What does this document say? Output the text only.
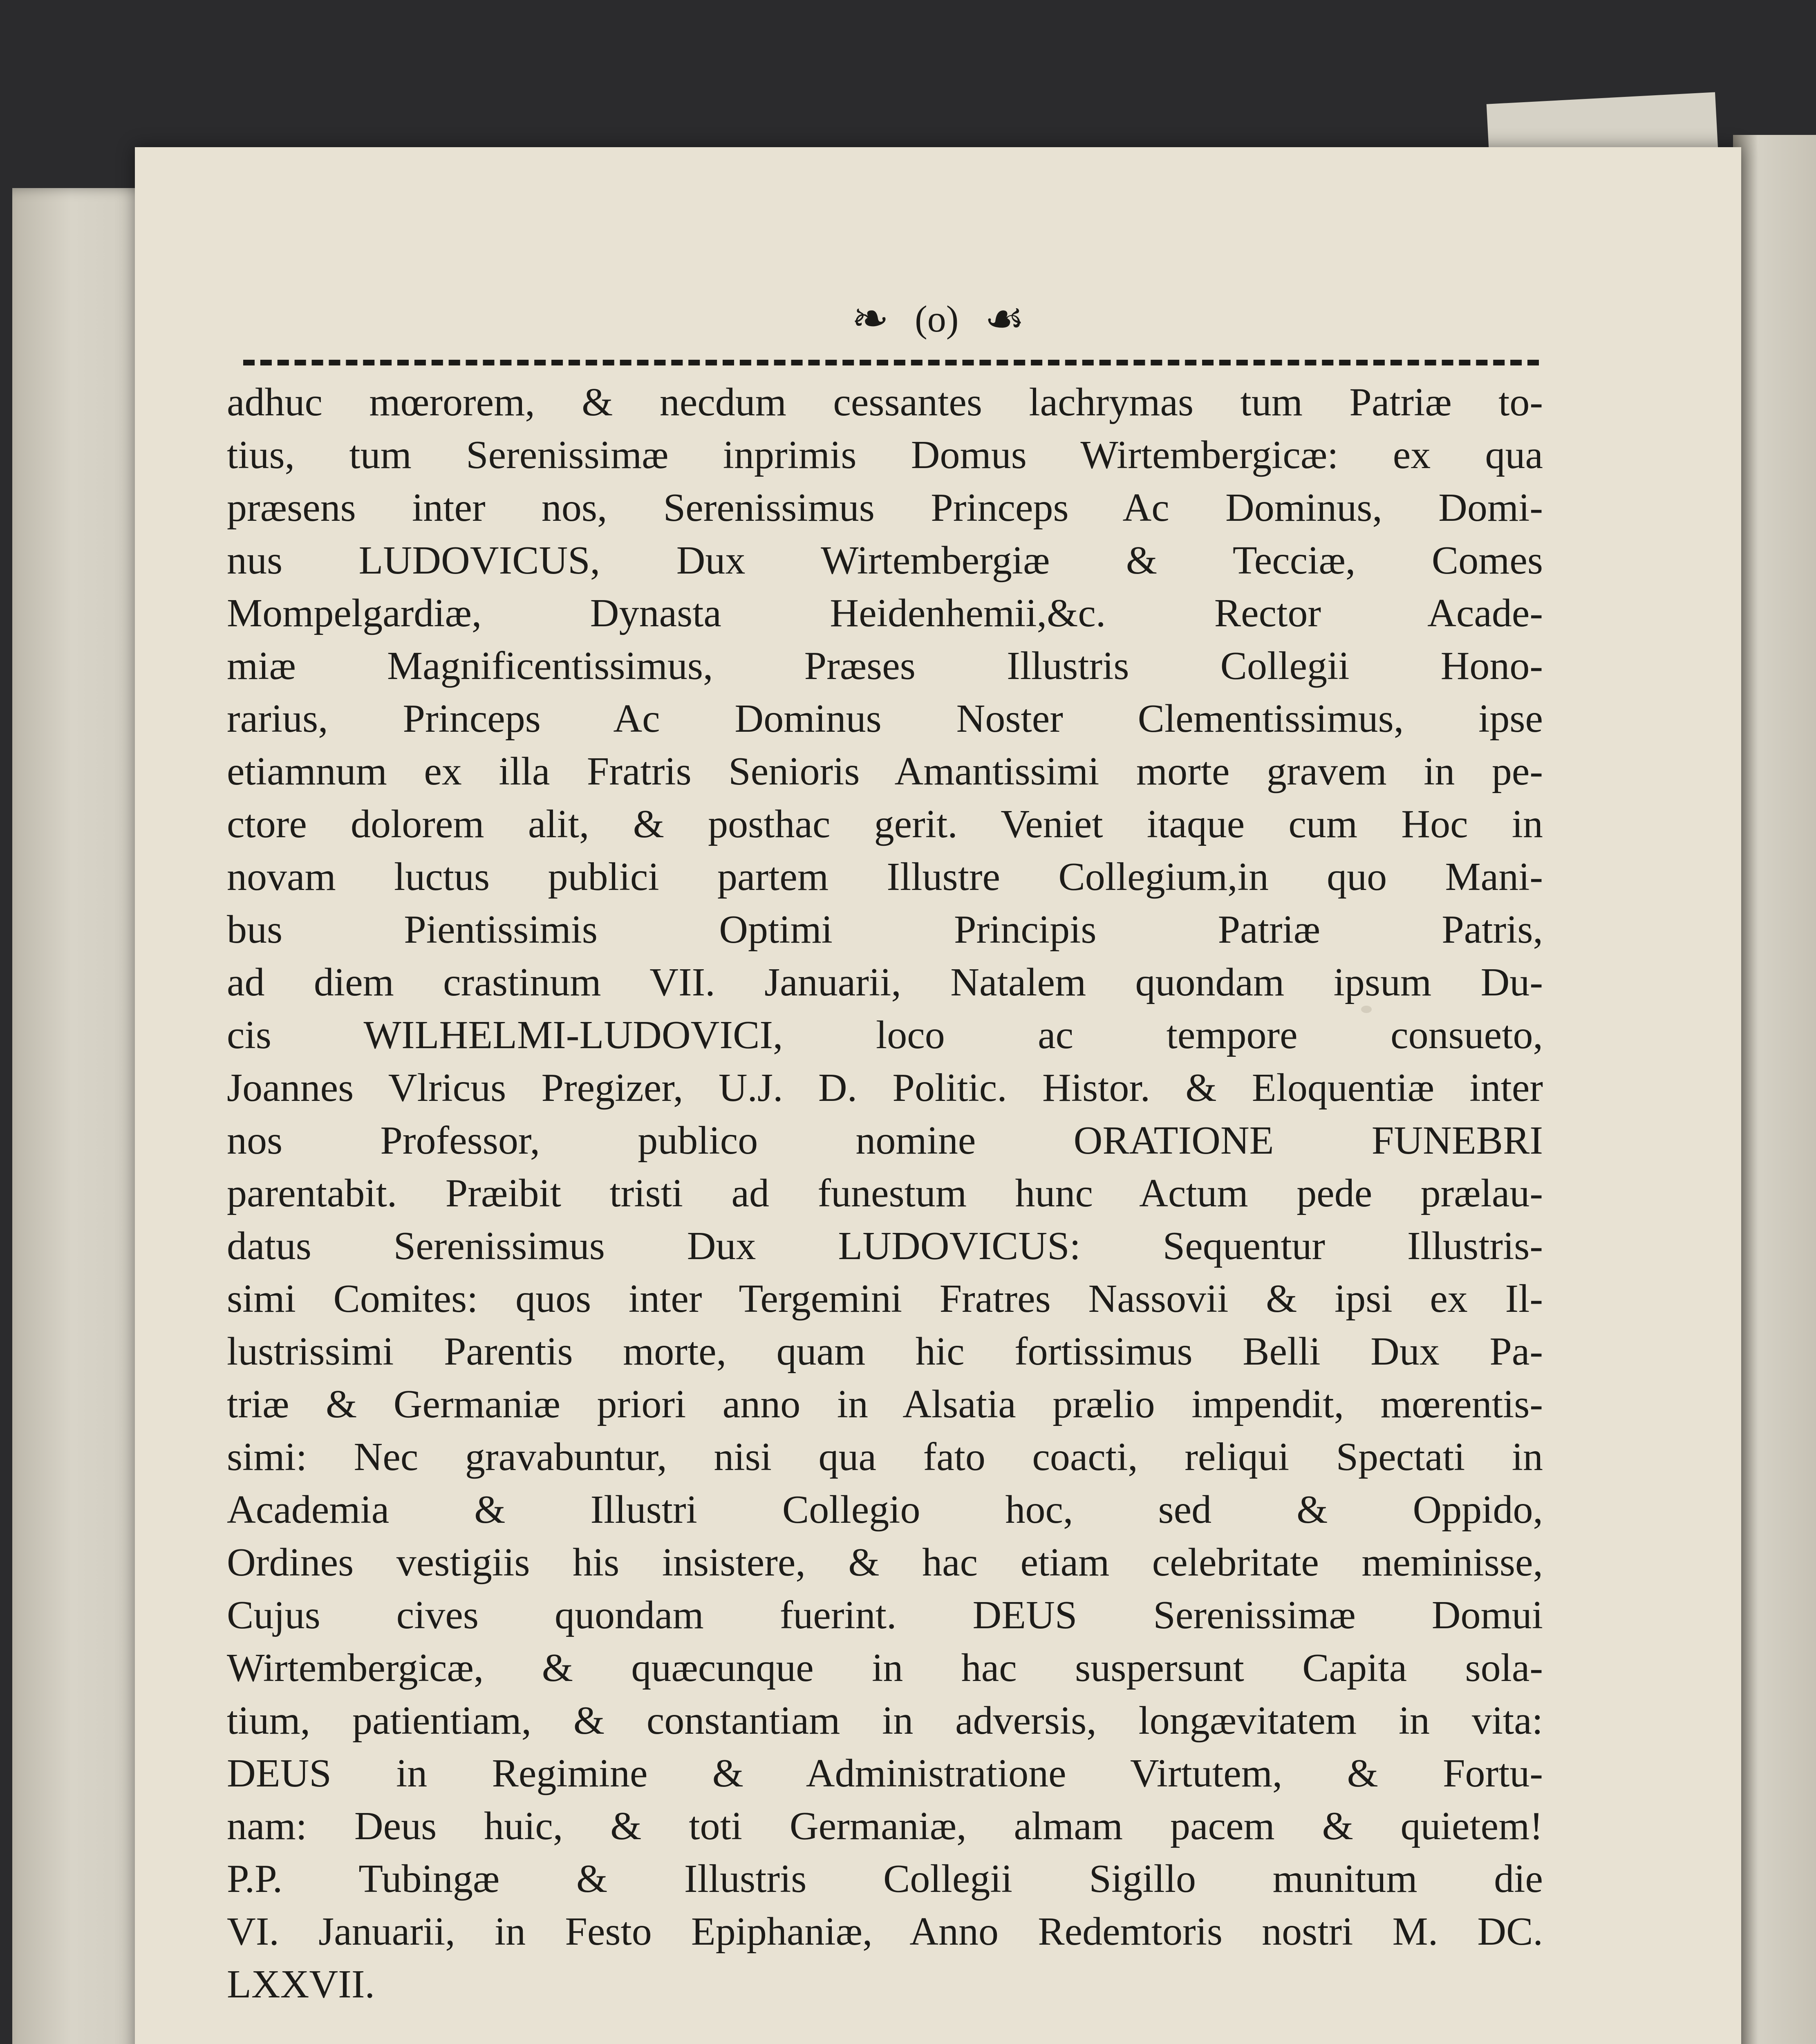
❧ (o) ☙
adhuc mœrorem, & necdum cessantes lachrymas tum Patriæ to-
tius, tum Serenissimæ inprimis Domus Wirtembergicæ: ex qua
præsens inter nos, Serenissimus Princeps Ac Dominus, Domi-
nus LUDOVICUS, Dux Wirtembergiæ & Tecciæ, Comes
Mompelgardiæ, Dynasta Heidenhemii,&c. Rector Acade-
miæ Magnificentissimus, Præses Illustris Collegii Hono-
rarius, Princeps Ac Dominus Noster Clementissimus, ipse
etiamnum ex illa Fratris Senioris Amantissimi morte gravem in pe-
ctore dolorem alit, & posthac gerit. Veniet itaque cum Hoc in
novam luctus publici partem Illustre Collegium,in quo Mani-
bus Pientissimis Optimi Principis Patriæ Patris,
ad diem crastinum VII. Januarii, Natalem quondam ipsum Du-
cis WILHELMI-LUDOVICI, loco ac tempore consueto,
Joannes Vlricus Pregizer, U.J. D. Politic. Histor. & Eloquentiæ inter
nos Professor, publico nomine ORATIONE FUNEBRI
parentabit. Præibit tristi ad funestum hunc Actum pede prælau-
datus Serenissimus Dux LUDOVICUS: Sequentur Illustris-
simi Comites: quos inter Tergemini Fratres Nassovii & ipsi ex Il-
lustrissimi Parentis morte, quam hic fortissimus Belli Dux Pa-
triæ & Germaniæ priori anno in Alsatia prælio impendit, mœrentis-
simi: Nec gravabuntur, nisi qua fato coacti, reliqui Spectati in
Academia & Illustri Collegio hoc, sed & Oppido,
Ordines vestigiis his insistere, & hac etiam celebritate meminisse,
Cujus cives quondam fuerint. DEUS Serenissimæ Domui
Wirtembergicæ, & quæcunque in hac suspersunt Capita sola-
tium, patientiam, & constantiam in adversis, longævitatem in vita:
DEUS in Regimine & Administratione Virtutem, & Fortu-
nam: Deus huic, & toti Germaniæ, almam pacem & quietem!
P.P. Tubingæ & Illustris Collegii Sigillo munitum die
VI. Januarii, in Festo Epiphaniæ, Anno Redemtoris nostri M. DC.
LXXVII.
